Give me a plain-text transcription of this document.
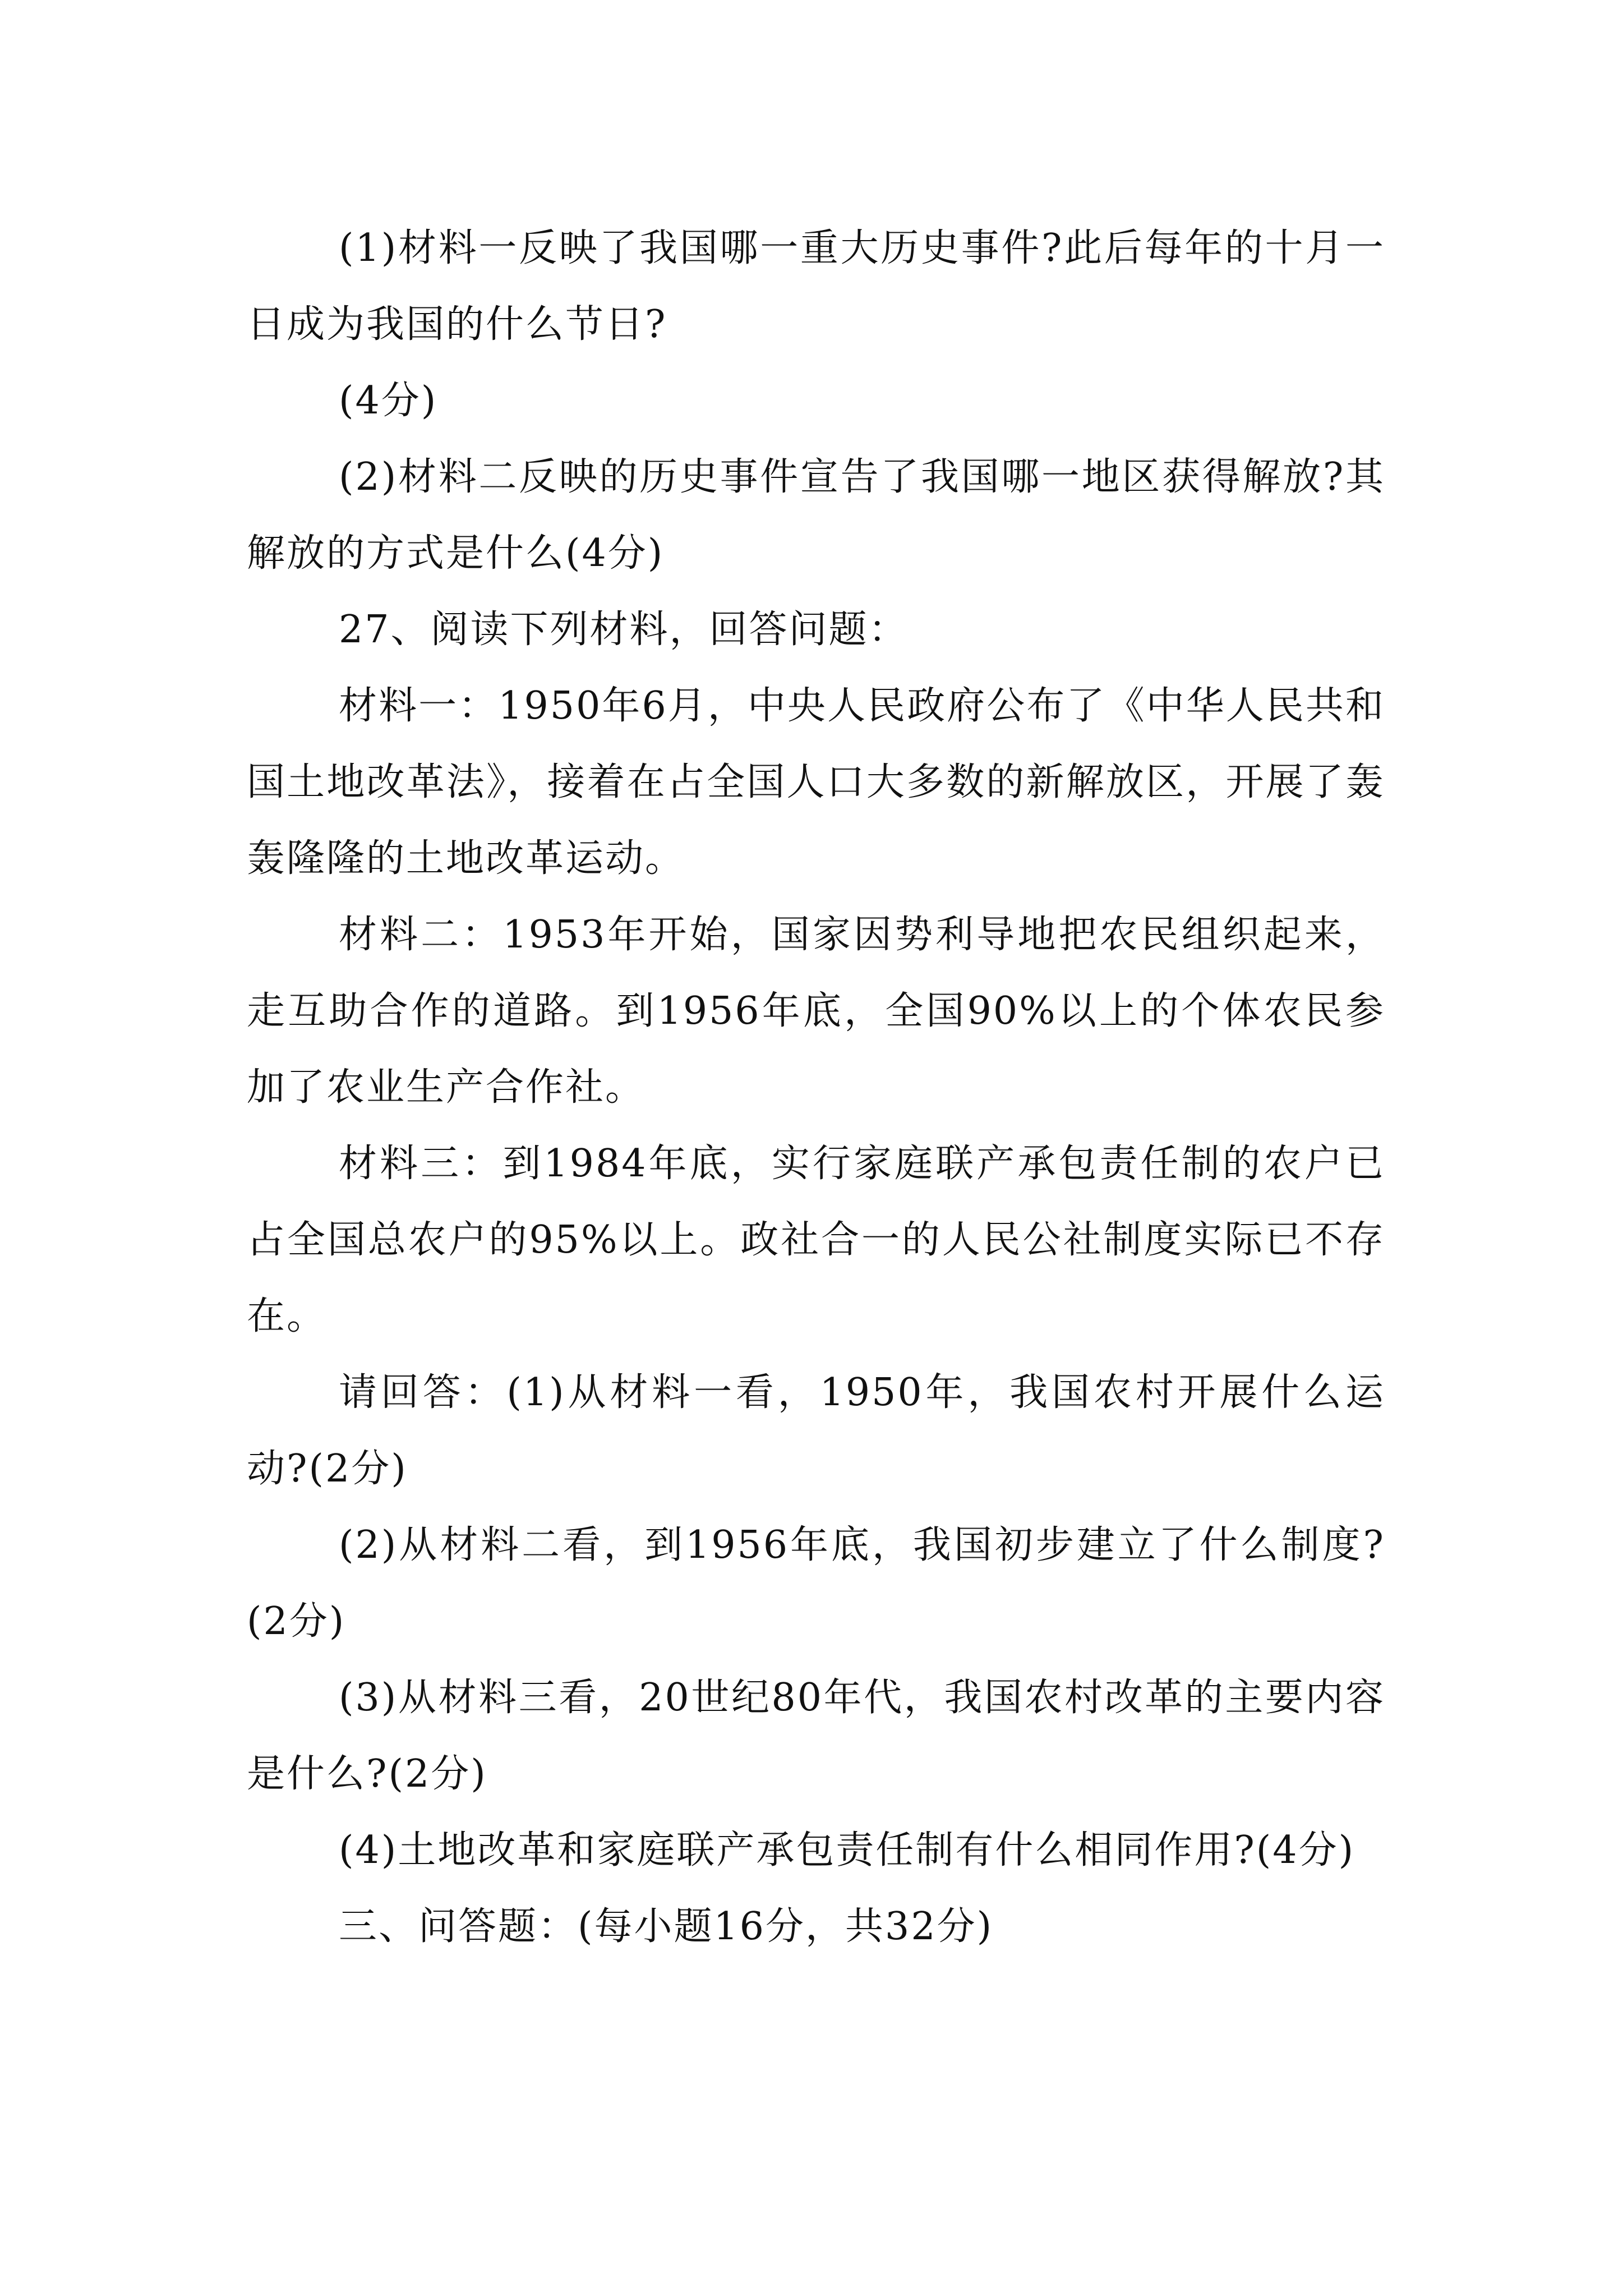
(1)材料一反映了我国哪一重大历史事件?此后每年的十月一日成为我国的什么节日?

(4分)

(2)材料二反映的历史事件宣告了我国哪一地区获得解放?其解放的方式是什么(4分)

27、阅读下列材料，回答问题：

材料一：1950年6月，中央人民政府公布了《中华人民共和国土地改革法》，接着在占全国人口大多数的新解放区，开展了轰轰隆隆的土地改革运动。

材料二：1953年开始，国家因势利导地把农民组织起来，走互助合作的道路。到1956年底，全国90%以上的个体农民参加了农业生产合作社。

材料三：到1984年底，实行家庭联产承包责任制的农户已占全国总农户的95%以上。政社合一的人民公社制度实际已不存在。

请回答：(1)从材料一看，1950年，我国农村开展什么运动?(2分)

(2)从材料二看，到1956年底，我国初步建立了什么制度?(2分)

(3)从材料三看，20世纪80年代，我国农村改革的主要内容是什么?(2分)

(4)土地改革和家庭联产承包责任制有什么相同作用?(4分)

三、问答题：(每小题16分，共32分)
